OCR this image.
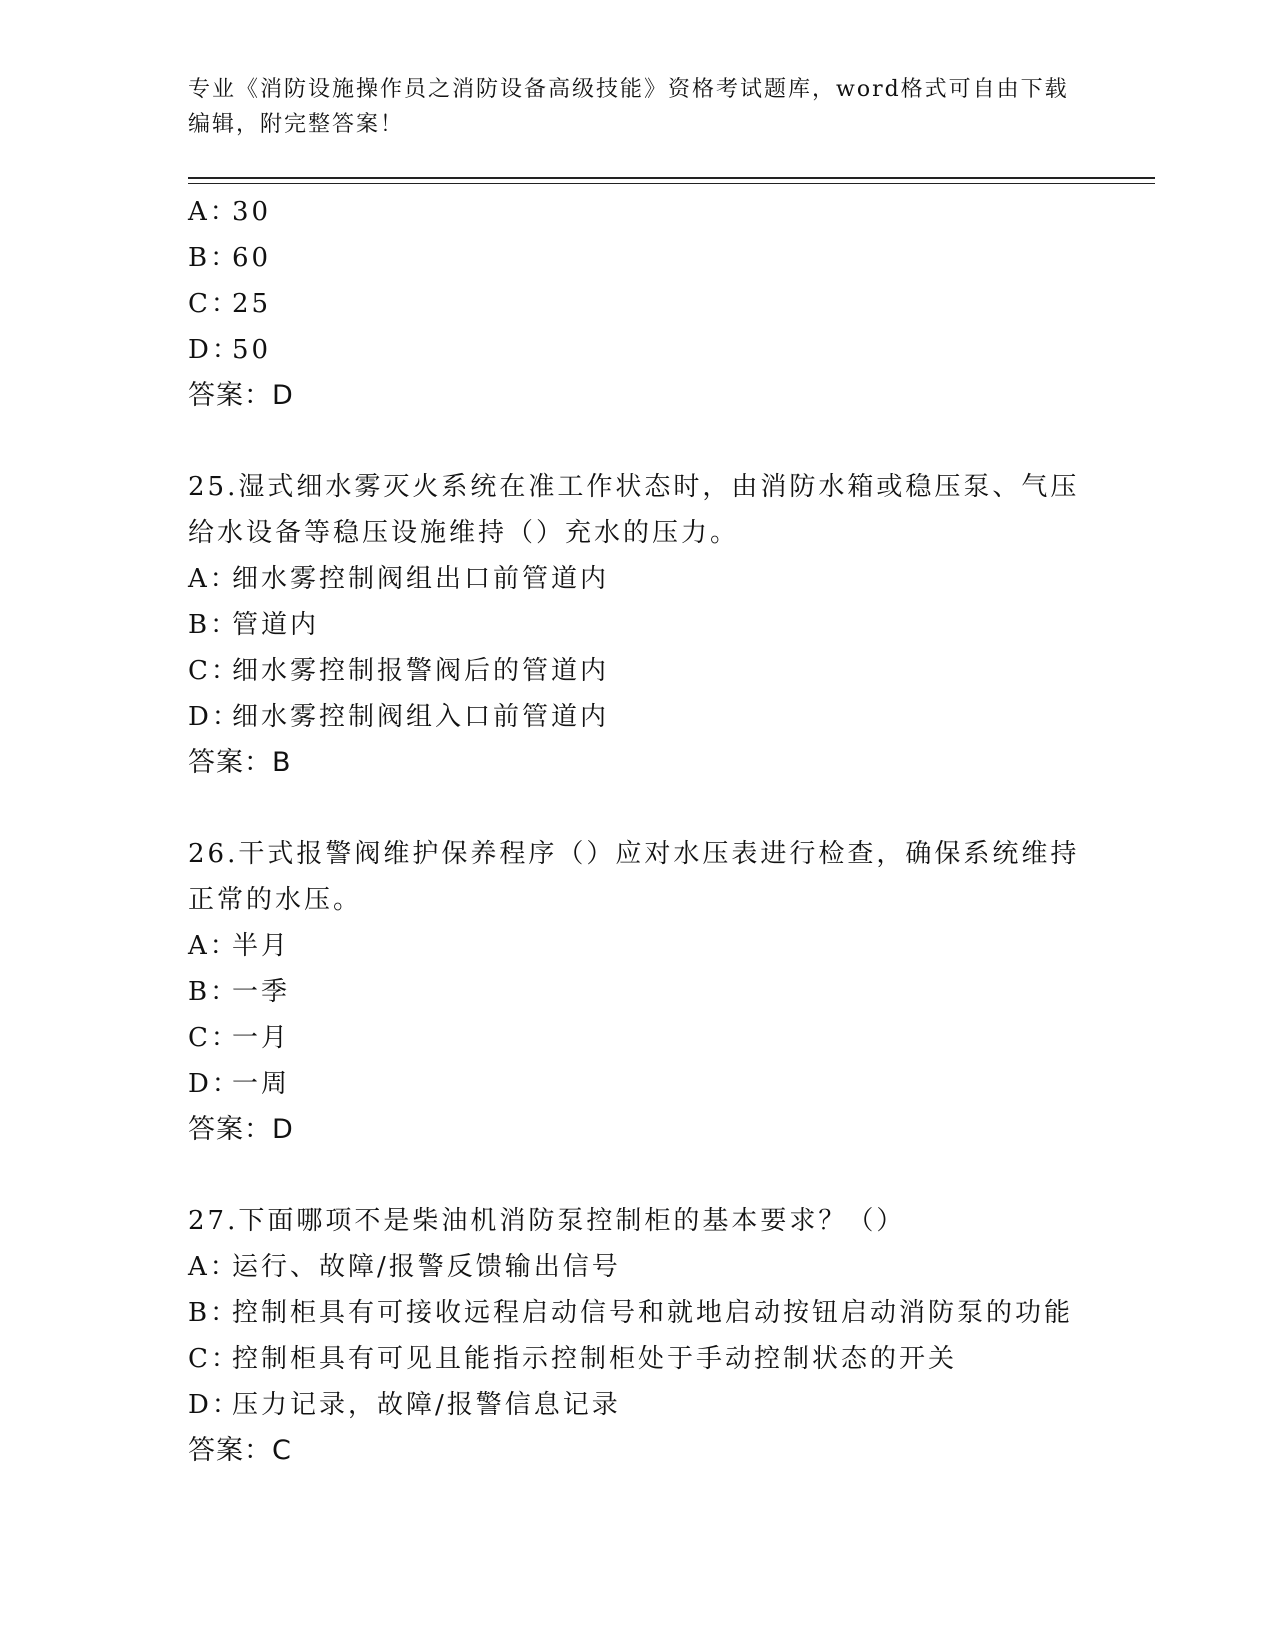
专业《消防设施操作员之消防设备高级技能》资格考试题库，word格式可自由下载编辑，附完整答案！
A：30
B：60
C：25
D：50
答案：D
25.湿式细水雾灭火系统在准工作状态时，由消防水箱或稳压泵、气压给水设备等稳压设施维持（）充水的压力。
A：细水雾控制阀组出口前管道内
B：管道内
C：细水雾控制报警阀后的管道内
D：细水雾控制阀组入口前管道内
答案：B
26.干式报警阀维护保养程序（）应对水压表进行检查，确保系统维持正常的水压。
A：半月
B：一季
C：一月
D：一周
答案：D
27.下面哪项不是柴油机消防泵控制柜的基本要求？（）
A：运行、故障/报警反馈输出信号
B：控制柜具有可接收远程启动信号和就地启动按钮启动消防泵的功能
C：控制柜具有可见且能指示控制柜处于手动控制状态的开关
D：压力记录，故障/报警信息记录
答案：C
